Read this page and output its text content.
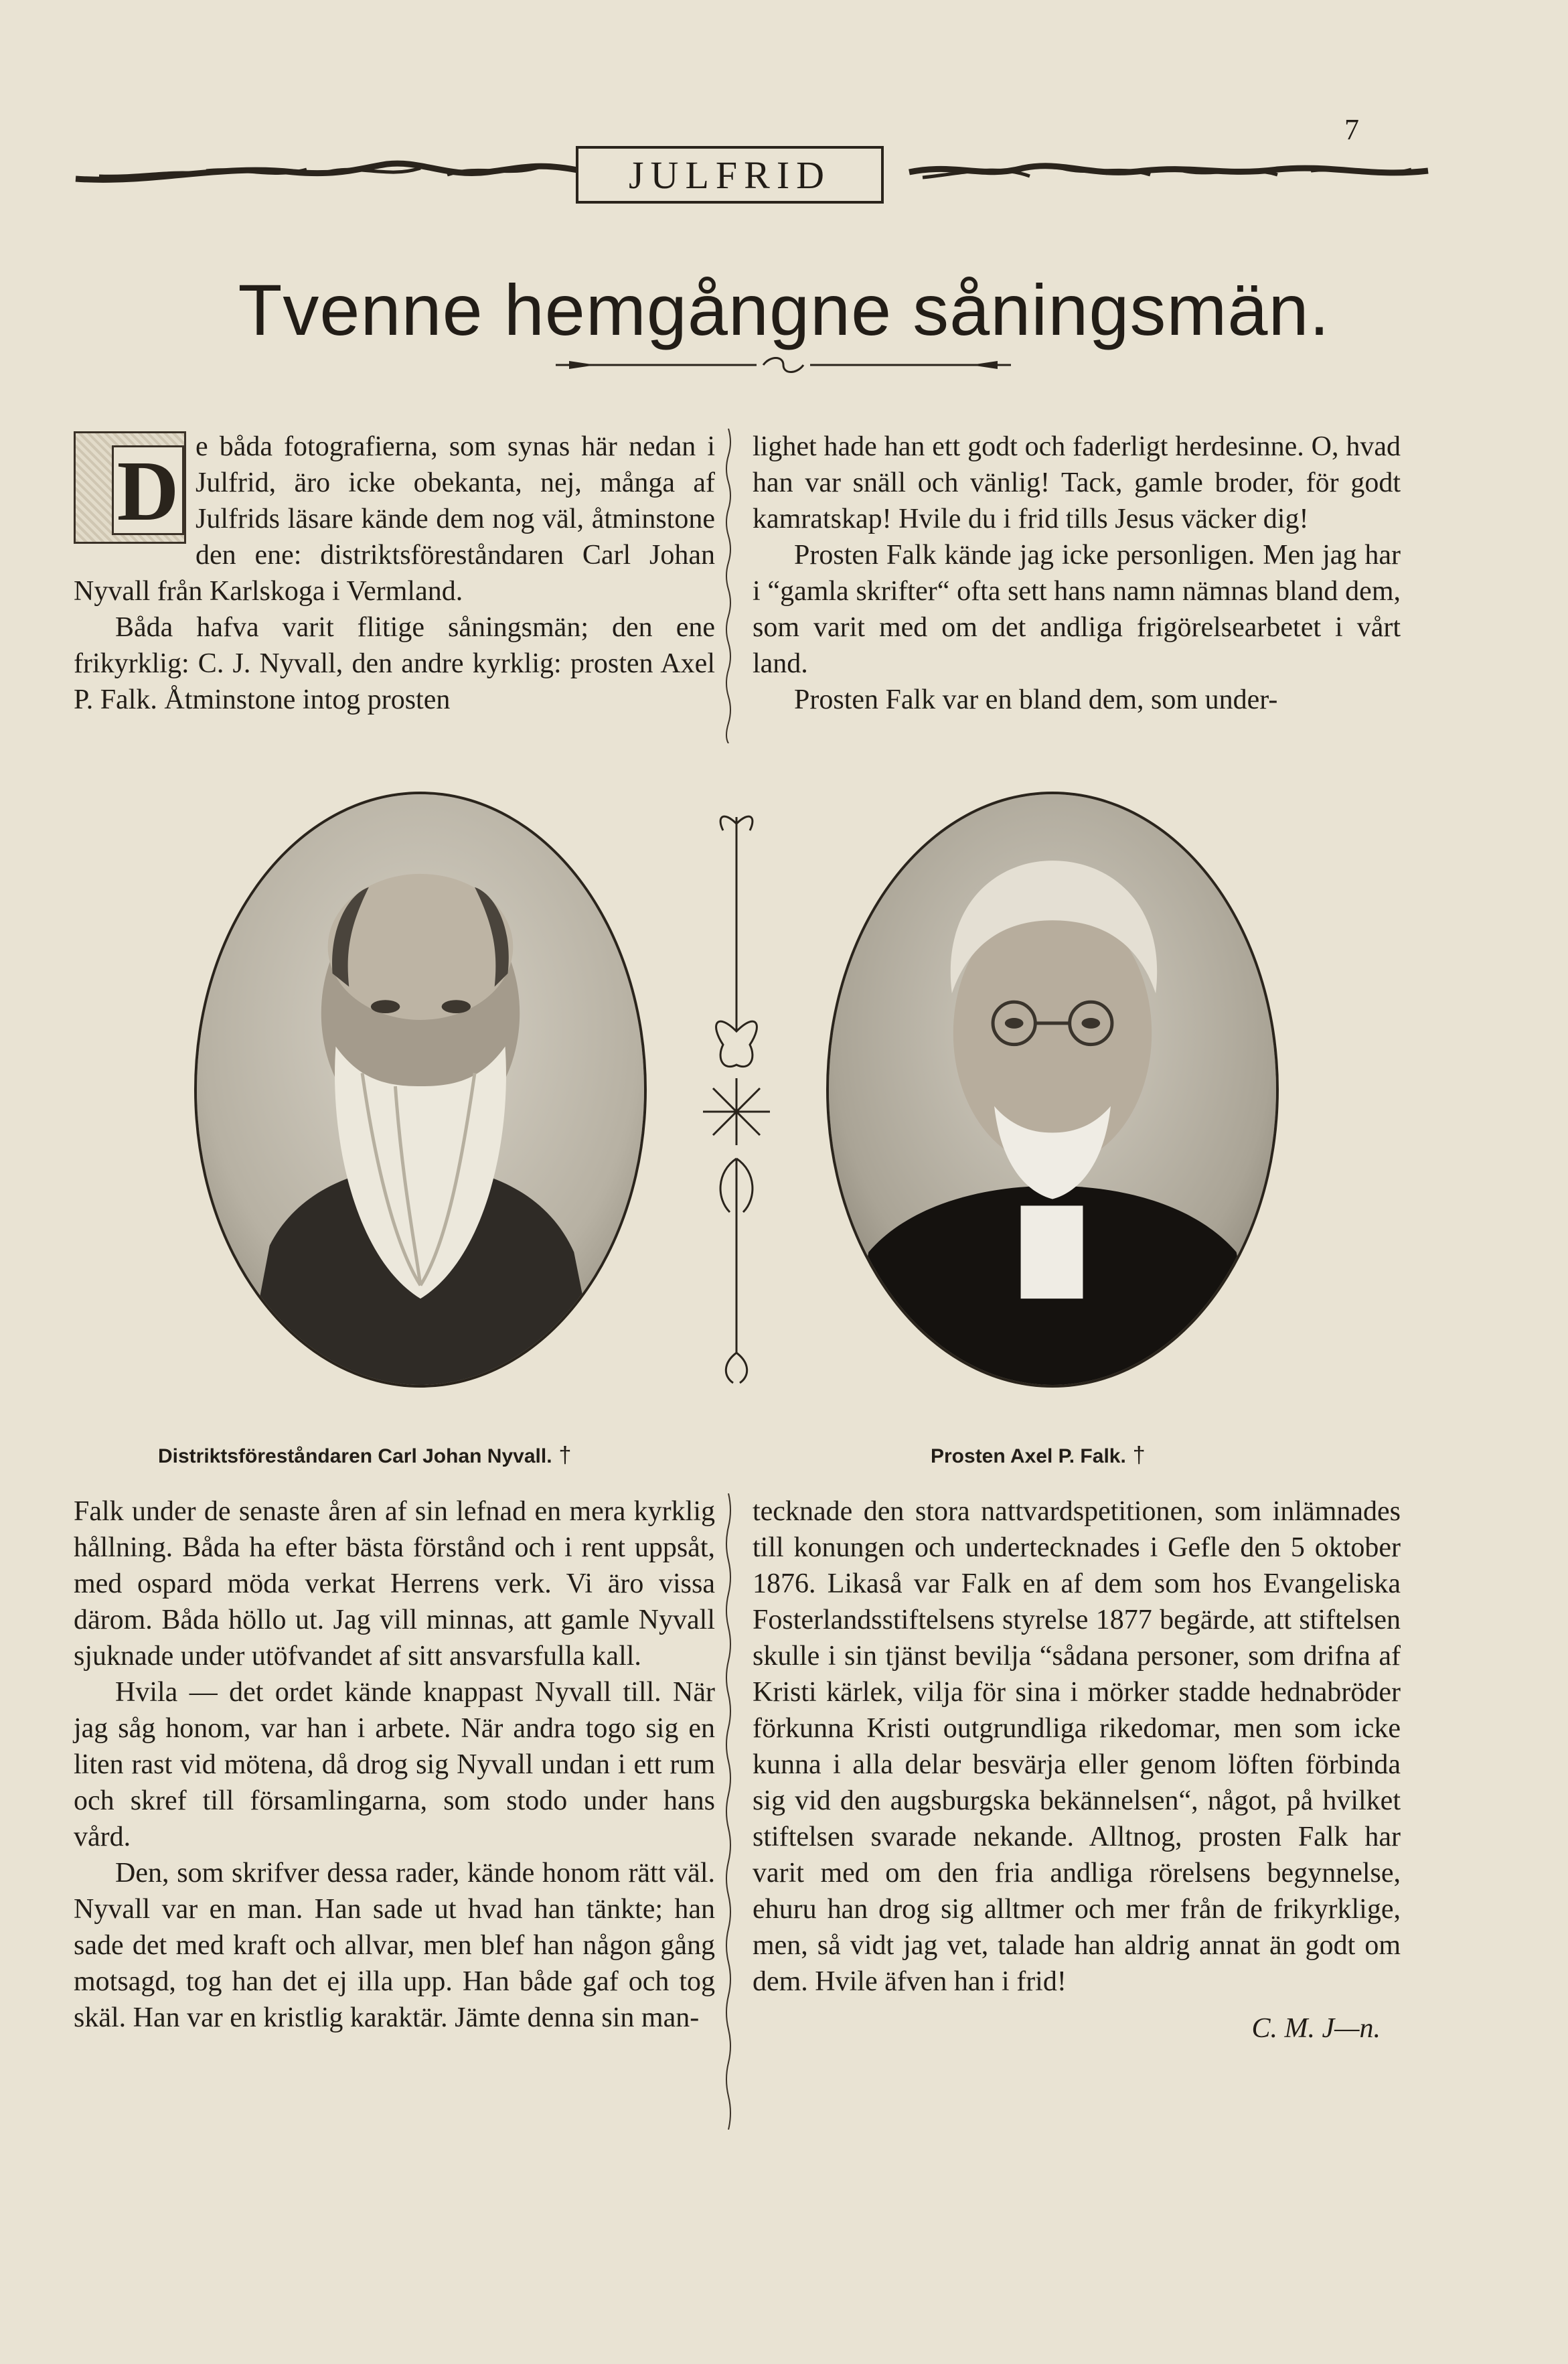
7
JULFRID
Tvenne hemgångne såningsmän.
D e båda fotografierna, som synas här nedan i Julfrid, äro icke obekanta, nej, många af Julfrids läsare kände dem nog väl, åtminstone den ene: distriktsföreståndaren Carl Johan Nyvall från Karlskoga i Vermland.

Båda hafva varit flitige såningsmän; den ene frikyrklig: C. J. Nyvall, den andre kyrklig: prosten Axel P. Falk. Åtminstone intog prosten

lighet hade han ett godt och faderligt herdesinne. O, hvad han var snäll och vänlig! Tack, gamle broder, för godt kamratskap! Hvile du i frid tills Jesus väcker dig!

Prosten Falk kände jag icke personligen. Men jag har i “gamla skrifter“ ofta sett hans namn nämnas bland dem, som varit med om det andliga frigörelsearbetet i vårt land.

Prosten Falk var en bland dem, som under-

Distriktsföreståndaren Carl Johan Nyvall. †	Prosten Axel P. Falk. †

Falk under de senaste åren af sin lefnad en mera kyrklig hållning. Båda ha efter bästa förstånd och i rent uppsåt, med ospard möda verkat Herrens verk. Vi äro vissa därom. Båda höllo ut. Jag vill minnas, att gamle Nyvall sjuknade under utöfvandet af sitt ansvarsfulla kall.

Hvila — det ordet kände knappast Nyvall till. När jag såg honom, var han i arbete. När andra togo sig en liten rast vid mötena, då drog sig Nyvall undan i ett rum och skref till församlingarna, som stodo under hans vård.

Den, som skrifver dessa rader, kände honom rätt väl. Nyvall var en man. Han sade ut hvad han tänkte; han sade det med kraft och allvar, men blef han någon gång motsagd, tog han det ej illa upp. Han både gaf och tog skäl. Han var en kristlig karaktär. Jämte denna sin man-

tecknade den stora nattvardspetitionen, som inlämnades till konungen och undertecknades i Gefle den 5 oktober 1876. Likaså var Falk en af dem som hos Evangeliska Fosterlandsstiftelsens styrelse 1877 begärde, att stiftelsen skulle i sin tjänst bevilja “sådana personer, som drifna af Kristi kärlek, vilja för sina i mörker stadde hednabröder förkunna Kristi outgrundliga rikedomar, men som icke kunna i alla delar besvärja eller genom löften förbinda sig vid den augsburgska bekännelsen“, något, på hvilket stiftelsen svarade nekande. Alltnog, prosten Falk har varit med om den fria andliga rörelsens begynnelse, ehuru han drog sig alltmer och mer från de frikyrklige, men, så vidt jag vet, talade han aldrig annat än godt om dem. Hvile äfven han i frid!

C. M. J—n.
